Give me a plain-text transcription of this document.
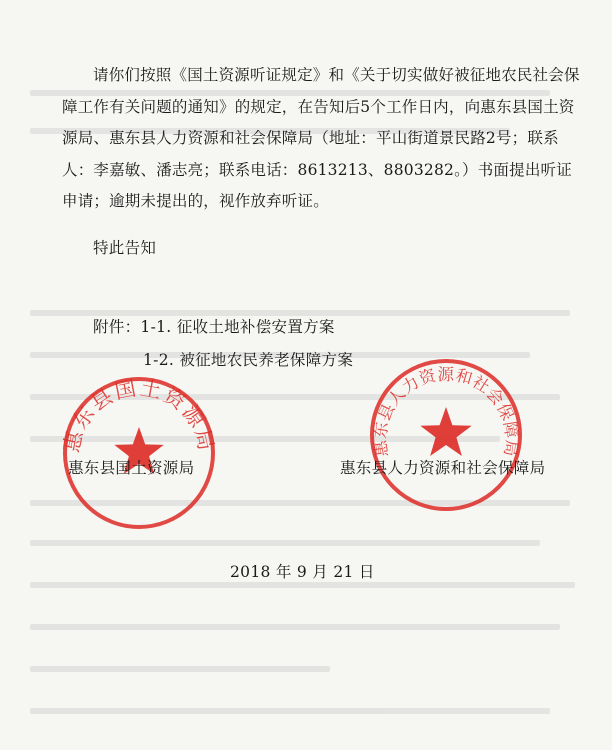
请你们按照《国土资源听证规定》和《关于切实做好被征地农民社会保障工作有关问题的通知》的规定，在告知后5个工作日内，向惠东县国土资源局、惠东县人力资源和社会保障局（地址：平山街道景民路2号；联系人：李嘉敏、潘志亮；联系电话：8613213、8803282。）书面提出听证申请；逾期未提出的，视作放弃听证。

特此告知
附件：1-1. 征收土地补偿安置方案
1-2. 被征地农民养老保障方案
惠东县国土资源局	惠东县人力资源和社会保障局
惠东县国土资源局	惠东县人力资源和社会保障局
2018 年 9 月 21 日
